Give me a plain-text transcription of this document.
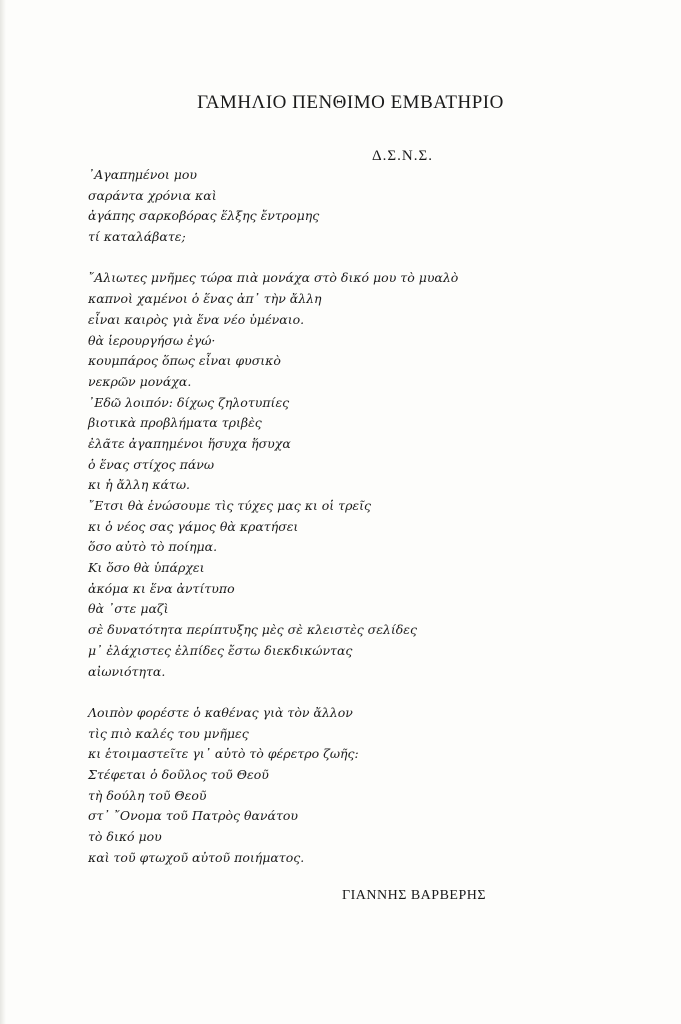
ΓΑΜΗΛΙΟ ΠΕΝΘΙΜΟ ΕΜΒΑΤΗΡΙΟ
Δ.Σ.Ν.Σ.
᾽Αγαπημένοι μου
σαράντα χρόνια καὶ
ἀγάπης σαρκοβόρας ἕλξης ἔντρομης
τί καταλάβατε;
῎Αλιωτες μνῆμες τώρα πιὰ μονάχα στὸ δικό μου τὸ μυαλὸ
καπνοὶ χαμένοι ὁ ἕνας ἀπ᾽ τὴν ἄλλη
εἶναι καιρὸς γιὰ ἕνα νέο ὑμέναιο.
θὰ ἱερουργήσω ἐγώ·
κουμπάρος ὅπως εἶναι φυσικὸ
νεκρῶν μονάχα.
᾽Εδῶ λοιπόν: δίχως ζηλοτυπίες
βιοτικὰ προβλήματα τριβὲς
ἐλᾶτε ἀγαπημένοι ἥσυχα ἥσυχα
ὁ ἕνας στίχος πάνω
κι ἡ ἄλλη κάτω.
῎Ετσι θὰ ἑνώσουμε τὶς τύχες μας κι οἱ τρεῖς
κι ὁ νέος σας γάμος θὰ κρατήσει
ὅσο αὐτὸ τὸ ποίημα.
Κι ὅσο θὰ ὑπάρχει
ἀκόμα κι ἕνα ἀντίτυπο
θὰ ᾽στε μαζὶ
σὲ δυνατότητα περίπτυξης μὲς σὲ κλειστὲς σελίδες
μ᾽ ἐλάχιστες ἐλπίδες ἔστω διεκδικώντας
αἰωνιότητα.
Λοιπὸν φορέστε ὁ καθένας γιὰ τὸν ἄλλον
τὶς πιὸ καλές του μνῆμες
κι ἑτοιμαστεῖτε γι᾽ αὐτὸ τὸ φέρετρο ζωῆς:
Στέφεται ὁ δοῦλος τοῦ Θεοῦ
τὴ δούλη τοῦ Θεοῦ
στ᾽ ῎Ονομα τοῦ Πατρὸς θανάτου
τὸ δικό μου
καὶ τοῦ φτωχοῦ αὐτοῦ ποιήματος.
ΓΙΑΝΝΗΣ ΒΑΡΒΕΡΗΣ
